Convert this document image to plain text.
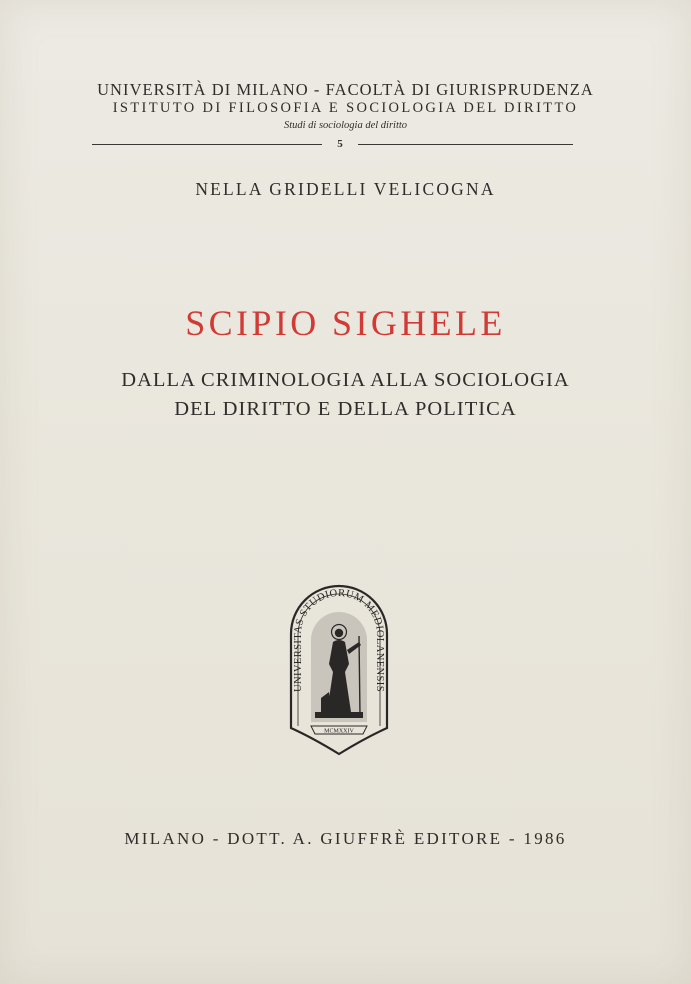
UNIVERSITÀ DI MILANO - FACOLTÀ DI GIURISPRUDENZA
ISTITUTO DI FILOSOFIA E SOCIOLOGIA DEL DIRITTO
Studi di sociologia del diritto
5
NELLA GRIDELLI VELICOGNA
SCIPIO SIGHELE
DALLA CRIMINOLOGIA ALLA SOCIOLOGIA
DEL DIRITTO E DELLA POLITICA
UNIVERSITAS STUDIORUM MEDIOLANENSIS
MCMXXIV
MILANO - DOTT. A. GIUFFRÈ EDITORE - 1986
